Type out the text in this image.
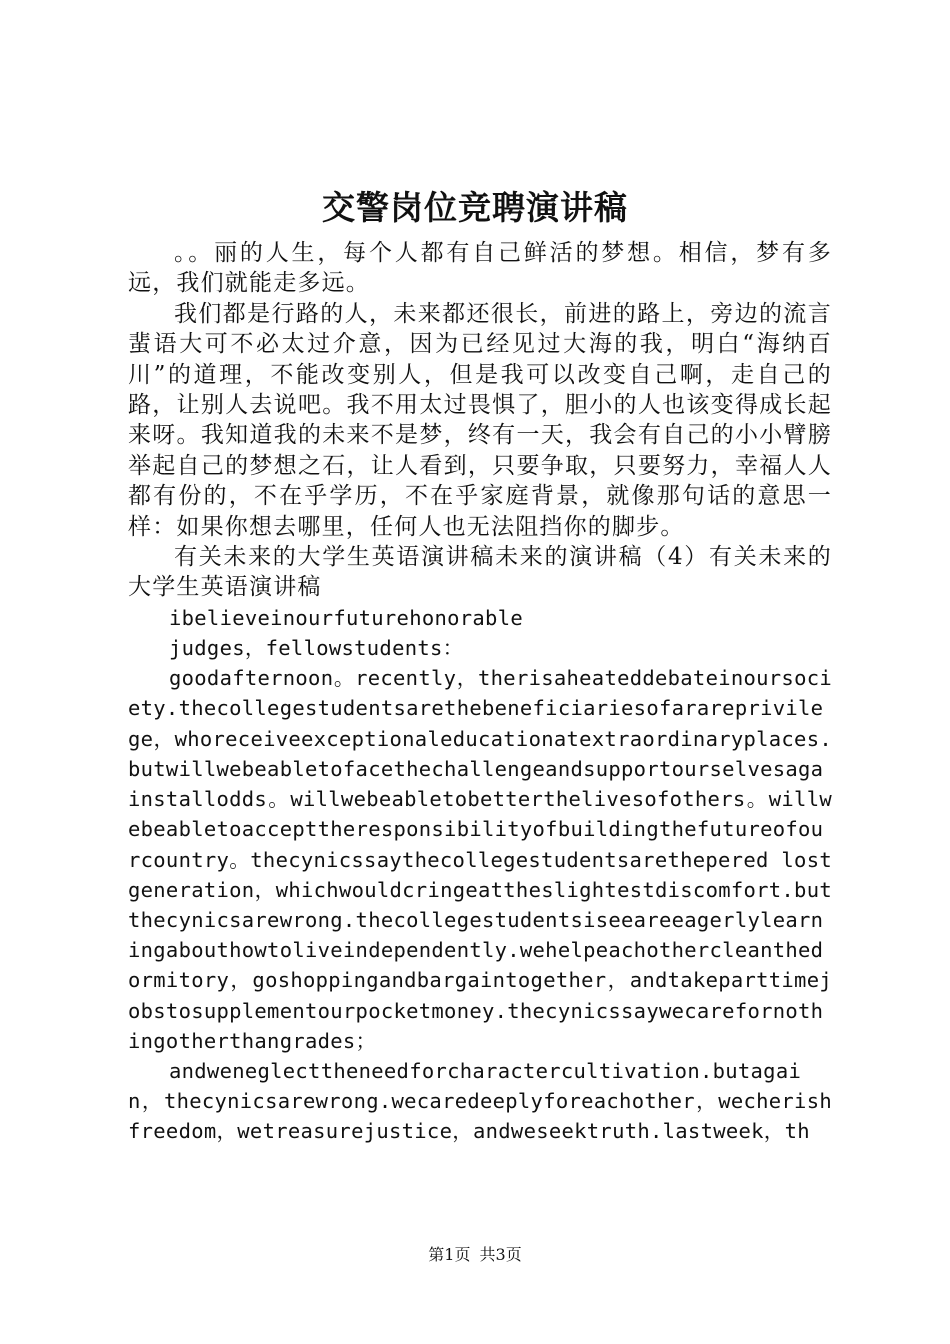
交警岗位竞聘演讲稿

。。丽的人生，每个人都有自己鲜活的梦想。相信，梦有多远，我们就能走多远。

我们都是行路的人，未来都还很长，前进的路上，旁边的流言蜚语大可不必太过介意，因为已经见过大海的我，明白“海纳百川”的道理，不能改变别人，但是我可以改变自己啊，走自己的路，让别人去说吧。我不用太过畏惧了，胆小的人也该变得成长起来呀。我知道我的未来不是梦，终有一天，我会有自己的小小臂膀举起自己的梦想之石，让人看到，只要争取，只要努力，幸福人人都有份的，不在乎学历，不在乎家庭背景，就像那句话的意思一样：如果你想去哪里，任何人也无法阻挡你的脚步。

有关未来的大学生英语演讲稿未来的演讲稿（4）有关未来的大学生英语演讲稿

ibelieveinourfuturehonorable

judges，fellowstudents：

goodafternoon。recently，therisaheateddebateinoursociety.thecollegestudentsarethebeneficiariesofarareprivilege，whoreceiveexceptionaleducationatextraordinaryplaces.butwillwebeabletofacethechallengeandsupportourselvesagainstallodds。willwebeabletobetterthelivesofothers。willwebeabletoaccepttheresponsibilityofbuildingthefutureofourcountry。thecynicssaythecollegestudentsarethepered lostgeneration，whichwouldcringeattheslightestdiscomfort.butthecynicsarewrong.thecollegestudentsiseeareeagerlylearningabouthowtoliveindependently.wehelpeachothercleanthedormitory，goshoppingandbargaintogether，andtakeparttimejobstosupplementourpocketmoney.thecynicssaywecarefornothingotherthangrades；

andweneglecttheneedforcharactercultivation.butagain，thecynicsarewrong.wecaredeeplyforeachother，wecherishfreedom，wetreasurejustice，andweseektruth.lastweek，th

第1页 共3页
